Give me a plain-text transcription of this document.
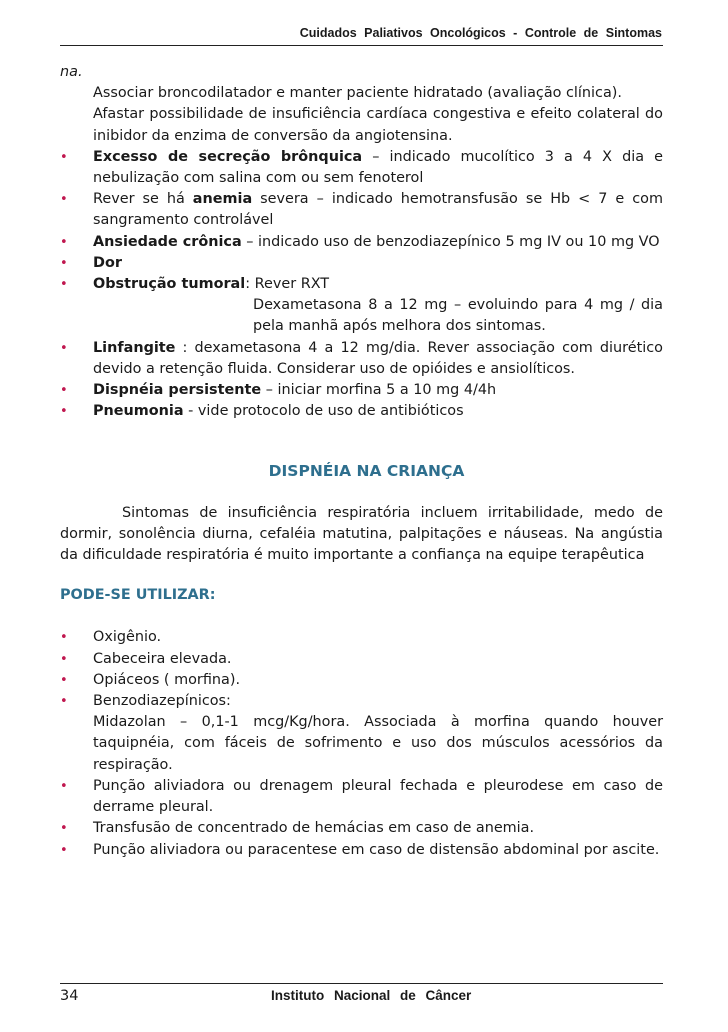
Cuidados Paliativos Oncológicos - Controle de Sintomas
na.
Associar broncodilatador e manter paciente hidratado (avaliação clínica).
Afastar possibilidade de insuficiência cardíaca congestiva e efeito colateral do inibidor da enzima de conversão da angiotensina.
• Excesso de secreção brônquica – indicado mucolítico 3 a 4 X dia e nebulização com salina com ou sem fenoterol
• Rever se há anemia severa – indicado hemotransfusão se Hb < 7 e com sangramento controlável
• Ansiedade crônica – indicado uso de benzodiazepínico 5 mg IV ou 10 mg VO
• Dor
• Obstrução tumoral: Rever RXT
Dexametasona 8 a 12 mg – evoluindo para 4 mg / dia pela manhã após melhora dos sintomas.
• Linfangite : dexametasona 4 a 12 mg/dia. Rever associação com diurético devido a retenção fluida. Considerar uso de opióides e ansiolíticos.
• Dispnéia persistente – iniciar morfina 5 a 10 mg 4/4h
• Pneumonia - vide protocolo de uso de antibióticos
DISPNÉIA NA CRIANÇA
Sintomas de insuficiência respiratória incluem irritabilidade, medo de dormir, sonolência diurna, cefaléia matutina, palpitações e náuseas. Na angústia da dificuldade respiratória é muito importante a confiança na equipe terapêutica
PODE-SE UTILIZAR:
• Oxigênio.
• Cabeceira elevada.
• Opiáceos ( morfina).
• Benzodiazepínicos:
Midazolan – 0,1-1 mcg/Kg/hora. Associada à morfina quando houver taquipnéia, com fáceis de sofrimento e uso dos músculos acessórios da respiração.
• Punção aliviadora ou drenagem pleural fechada e pleurodese em caso de derrame pleural.
• Transfusão de concentrado de hemácias em caso de anemia.
• Punção aliviadora ou paracentese em caso de distensão abdominal por ascite.
34	Instituto Nacional de Câncer
